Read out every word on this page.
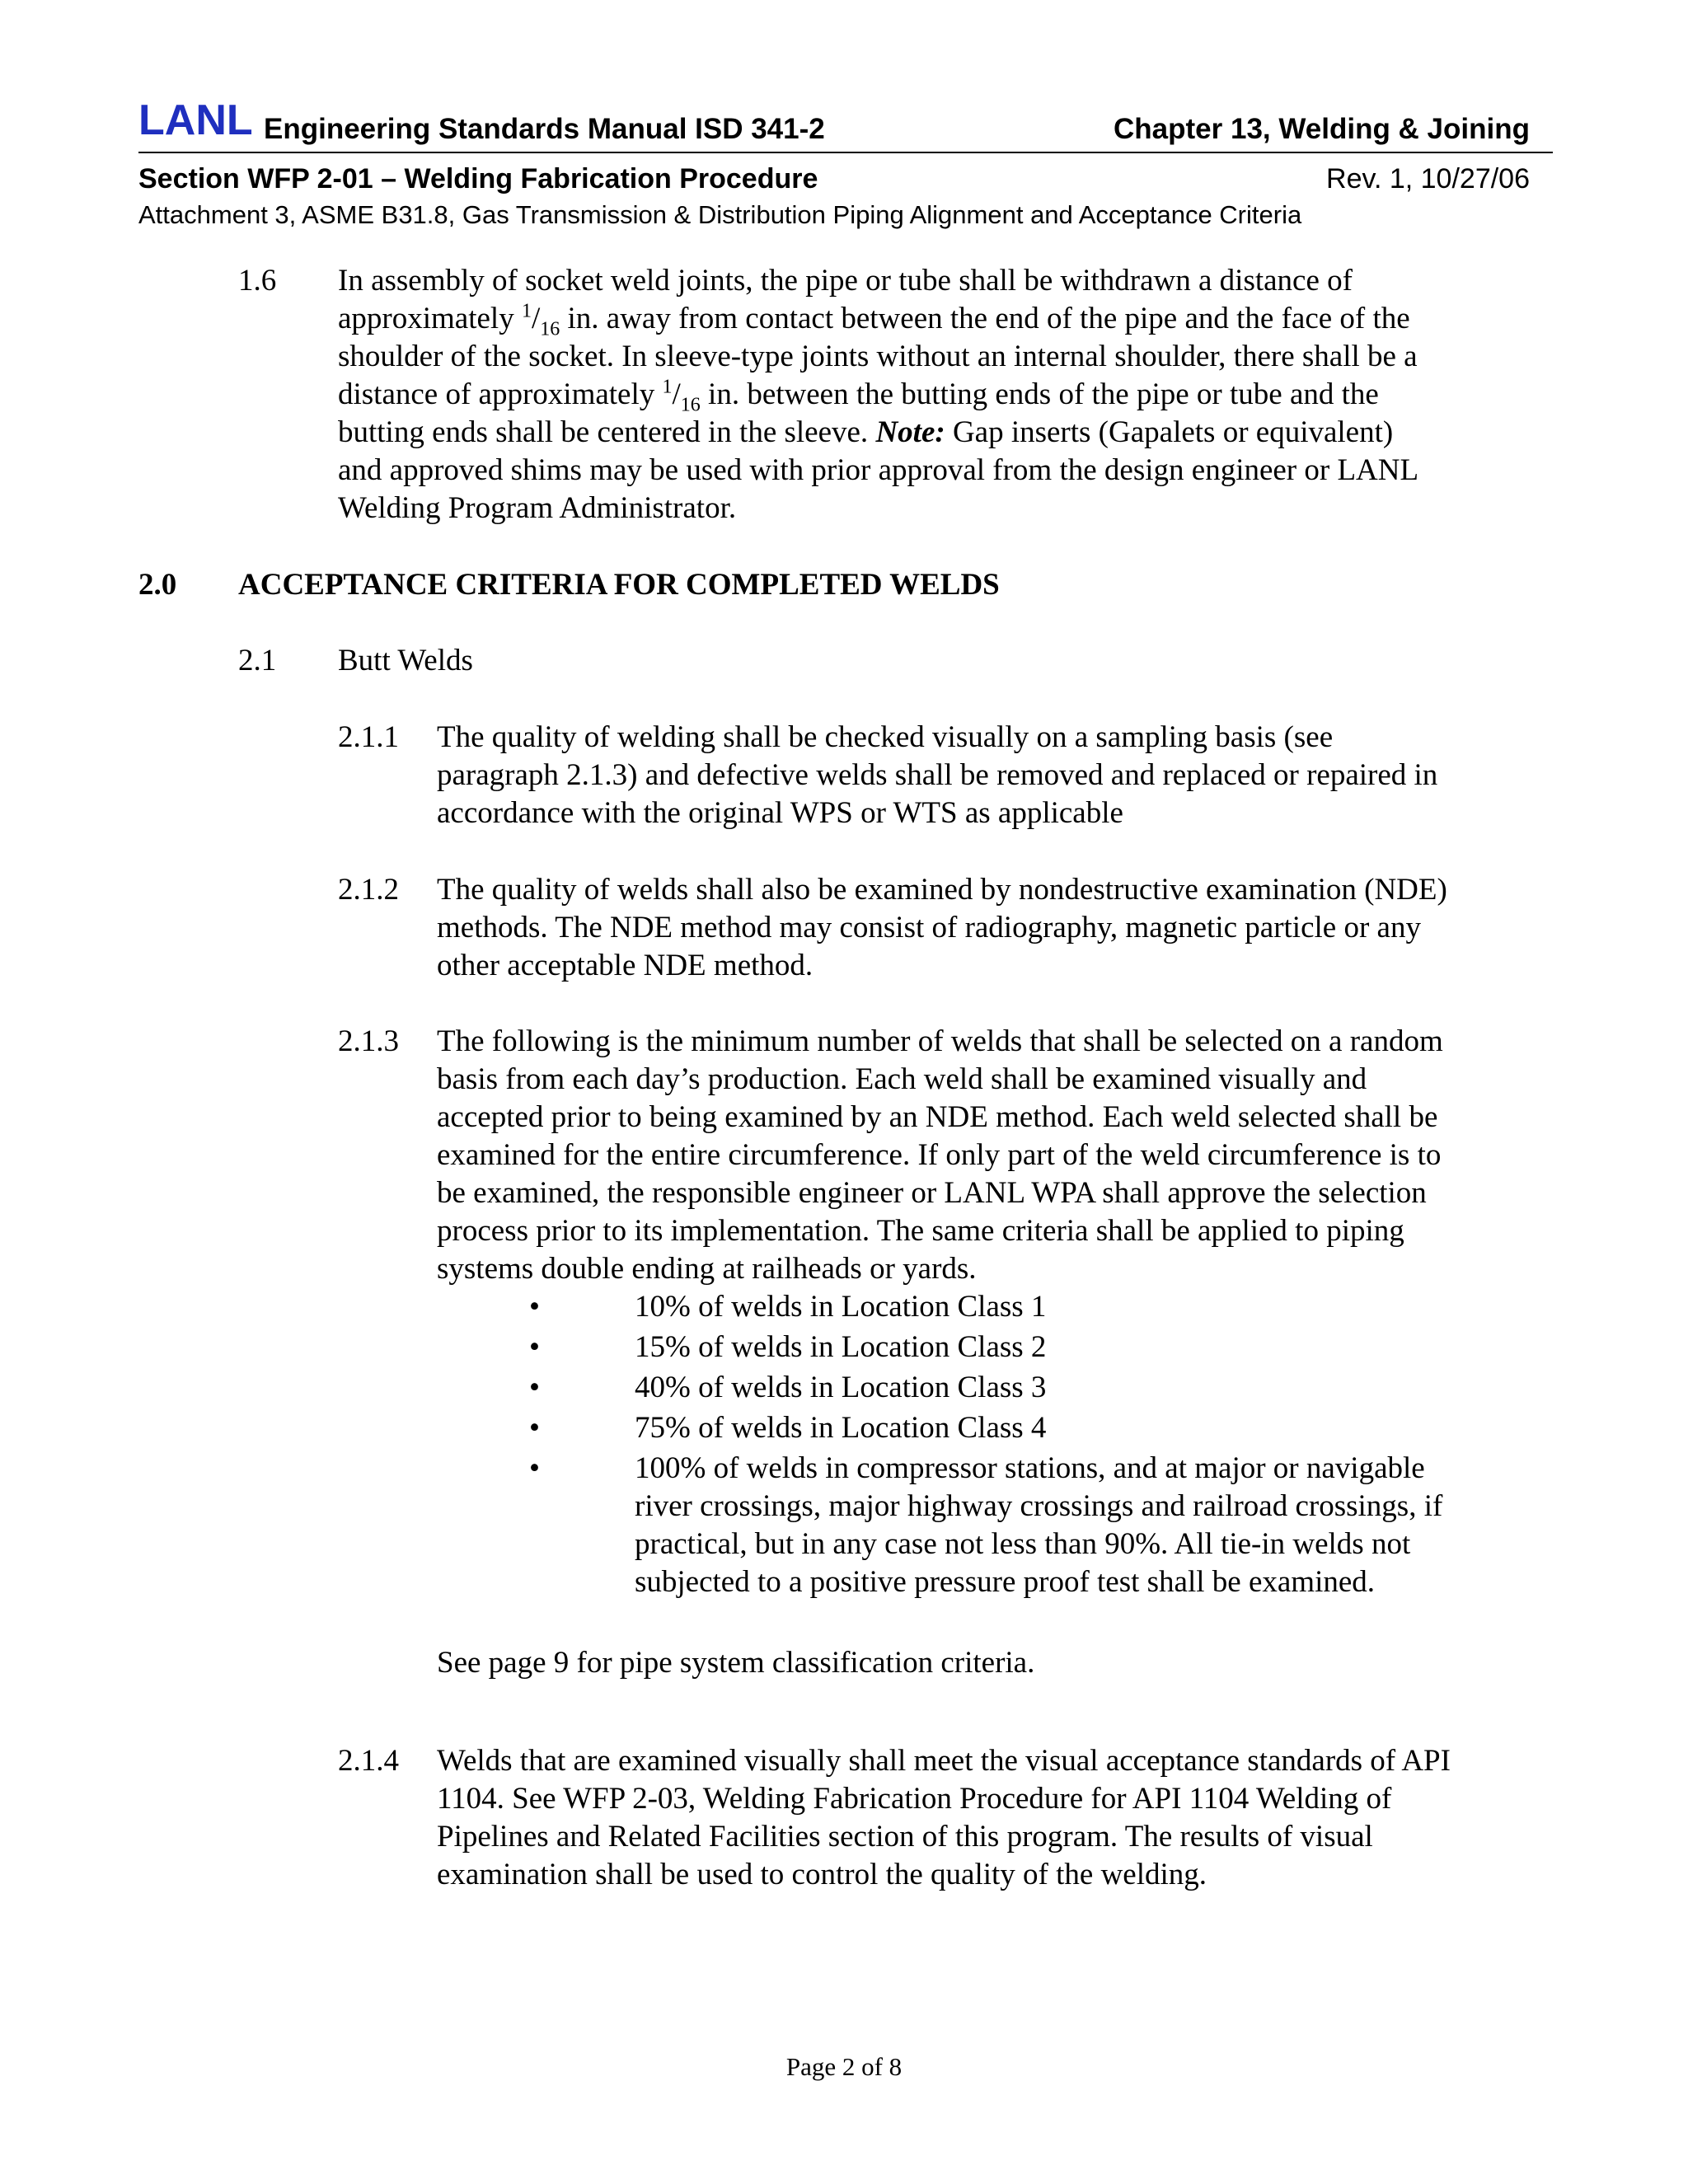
LANL Engineering Standards Manual ISD 341-2	Chapter 13, Welding & Joining
Section WFP 2-01 – Welding Fabrication Procedure	Rev. 1, 10/27/06
Attachment 3, ASME B31.8, Gas Transmission & Distribution Piping Alignment and Acceptance Criteria
1.6 In assembly of socket weld joints, the pipe or tube shall be withdrawn a distance of
approximately $^1/_{16}$ in. away from contact between the end of the pipe and the face of the
shoulder of the socket. In sleeve-type joints without an internal shoulder, there shall be a
distance of approximately $^1/_{16}$ in. between the butting ends of the pipe or tube and the
butting ends shall be centered in the sleeve. Note: Gap inserts (Gapalets or equivalent)
and approved shims may be used with prior approval from the design engineer or LANL
Welding Program Administrator.
2.0 ACCEPTANCE CRITERIA FOR COMPLETED WELDS
2.1 Butt Welds
2.1.1 The quality of welding shall be checked visually on a sampling basis (see
paragraph 2.1.3) and defective welds shall be removed and replaced or repaired in
accordance with the original WPS or WTS as applicable
2.1.2 The quality of welds shall also be examined by nondestructive examination (NDE)
methods. The NDE method may consist of radiography, magnetic particle or any
other acceptable NDE method.
2.1.3 The following is the minimum number of welds that shall be selected on a random
basis from each day’s production. Each weld shall be examined visually and
accepted prior to being examined by an NDE method. Each weld selected shall be
examined for the entire circumference. If only part of the weld circumference is to
be examined, the responsible engineer or LANL WPA shall approve the selection
process prior to its implementation. The same criteria shall be applied to piping
systems double ending at railheads or yards.
•	10% of welds in Location Class 1
•	15% of welds in Location Class 2
•	40% of welds in Location Class 3
•	75% of welds in Location Class 4
•	100% of welds in compressor stations, and at major or navigable
river crossings, major highway crossings and railroad crossings, if
practical, but in any case not less than 90%. All tie-in welds not
subjected to a positive pressure proof test shall be examined.
See page 9 for pipe system classification criteria.
2.1.4 Welds that are examined visually shall meet the visual acceptance standards of API
1104. See WFP 2-03, Welding Fabrication Procedure for API 1104 Welding of
Pipelines and Related Facilities section of this program. The results of visual
examination shall be used to control the quality of the welding.
Page 2 of 8
